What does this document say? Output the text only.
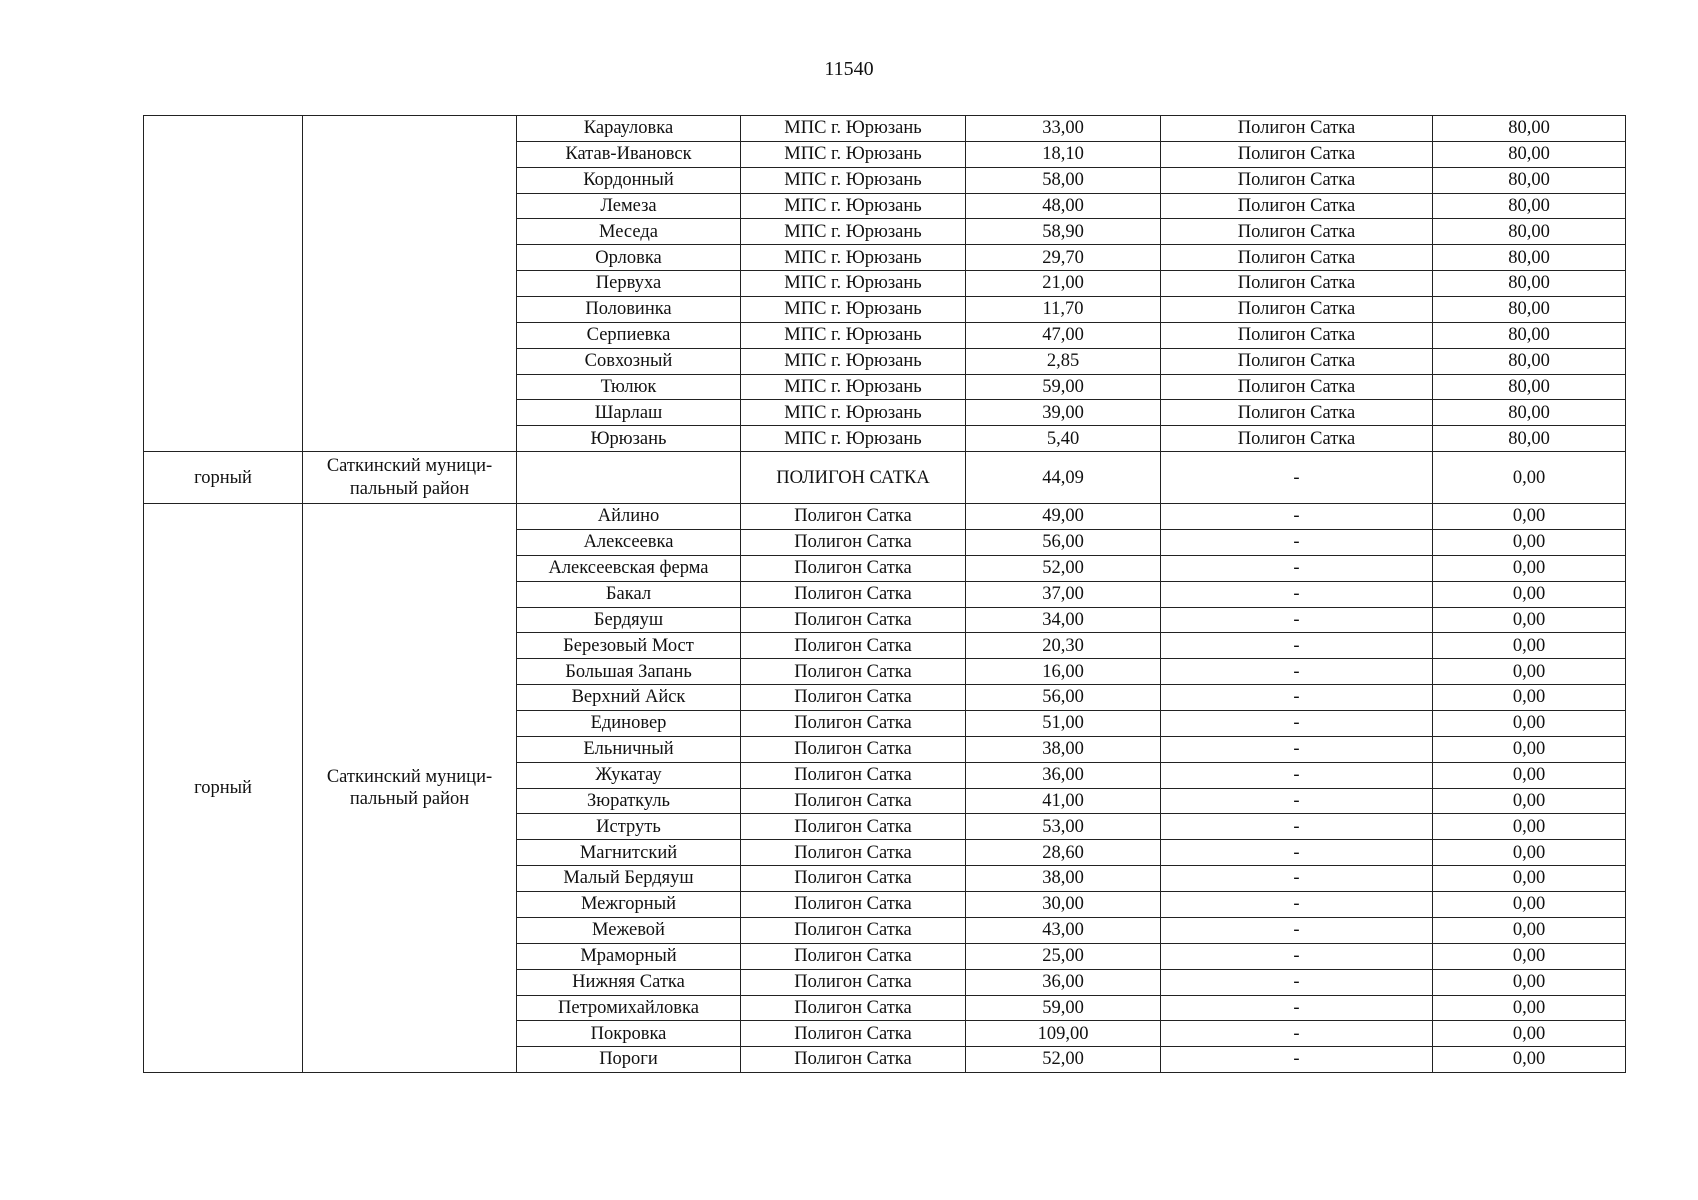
11540
		Карауловка	МПС г. Юрюзань	33,00	Полигон Сатка	80,00
		Катав-Ивановск	МПС г. Юрюзань	18,10	Полигон Сатка	80,00
		Кордонный	МПС г. Юрюзань	58,00	Полигон Сатка	80,00
		Лемеза	МПС г. Юрюзань	48,00	Полигон Сатка	80,00
		Меседа	МПС г. Юрюзань	58,90	Полигон Сатка	80,00
		Орловка	МПС г. Юрюзань	29,70	Полигон Сатка	80,00
		Первуха	МПС г. Юрюзань	21,00	Полигон Сатка	80,00
		Половинка	МПС г. Юрюзань	11,70	Полигон Сатка	80,00
		Серпиевка	МПС г. Юрюзань	47,00	Полигон Сатка	80,00
		Совхозный	МПС г. Юрюзань	2,85	Полигон Сатка	80,00
		Тюлюк	МПС г. Юрюзань	59,00	Полигон Сатка	80,00
		Шарлаш	МПС г. Юрюзань	39,00	Полигон Сатка	80,00
		Юрюзань	МПС г. Юрюзань	5,40	Полигон Сатка	80,00
горный	Саткинский муници-пальный район		ПОЛИГОН САТКА	44,09	-	0,00
горный	Саткинский муници-пальный район	Айлино	Полигон Сатка	49,00	-	0,00
		Алексеевка	Полигон Сатка	56,00	-	0,00
		Алексеевская ферма	Полигон Сатка	52,00	-	0,00
		Бакал	Полигон Сатка	37,00	-	0,00
		Бердяуш	Полигон Сатка	34,00	-	0,00
		Березовый Мост	Полигон Сатка	20,30	-	0,00
		Большая Запань	Полигон Сатка	16,00	-	0,00
		Верхний Айск	Полигон Сатка	56,00	-	0,00
		Единовер	Полигон Сатка	51,00	-	0,00
		Ельничный	Полигон Сатка	38,00	-	0,00
		Жукатау	Полигон Сатка	36,00	-	0,00
		Зюраткуль	Полигон Сатка	41,00	-	0,00
		Иструть	Полигон Сатка	53,00	-	0,00
		Магнитский	Полигон Сатка	28,60	-	0,00
		Малый Бердяуш	Полигон Сатка	38,00	-	0,00
		Межгорный	Полигон Сатка	30,00	-	0,00
		Межевой	Полигон Сатка	43,00	-	0,00
		Мраморный	Полигон Сатка	25,00	-	0,00
		Нижняя Сатка	Полигон Сатка	36,00	-	0,00
		Петромихайловка	Полигон Сатка	59,00	-	0,00
		Покровка	Полигон Сатка	109,00	-	0,00
		Пороги	Полигон Сатка	52,00	-	0,00
